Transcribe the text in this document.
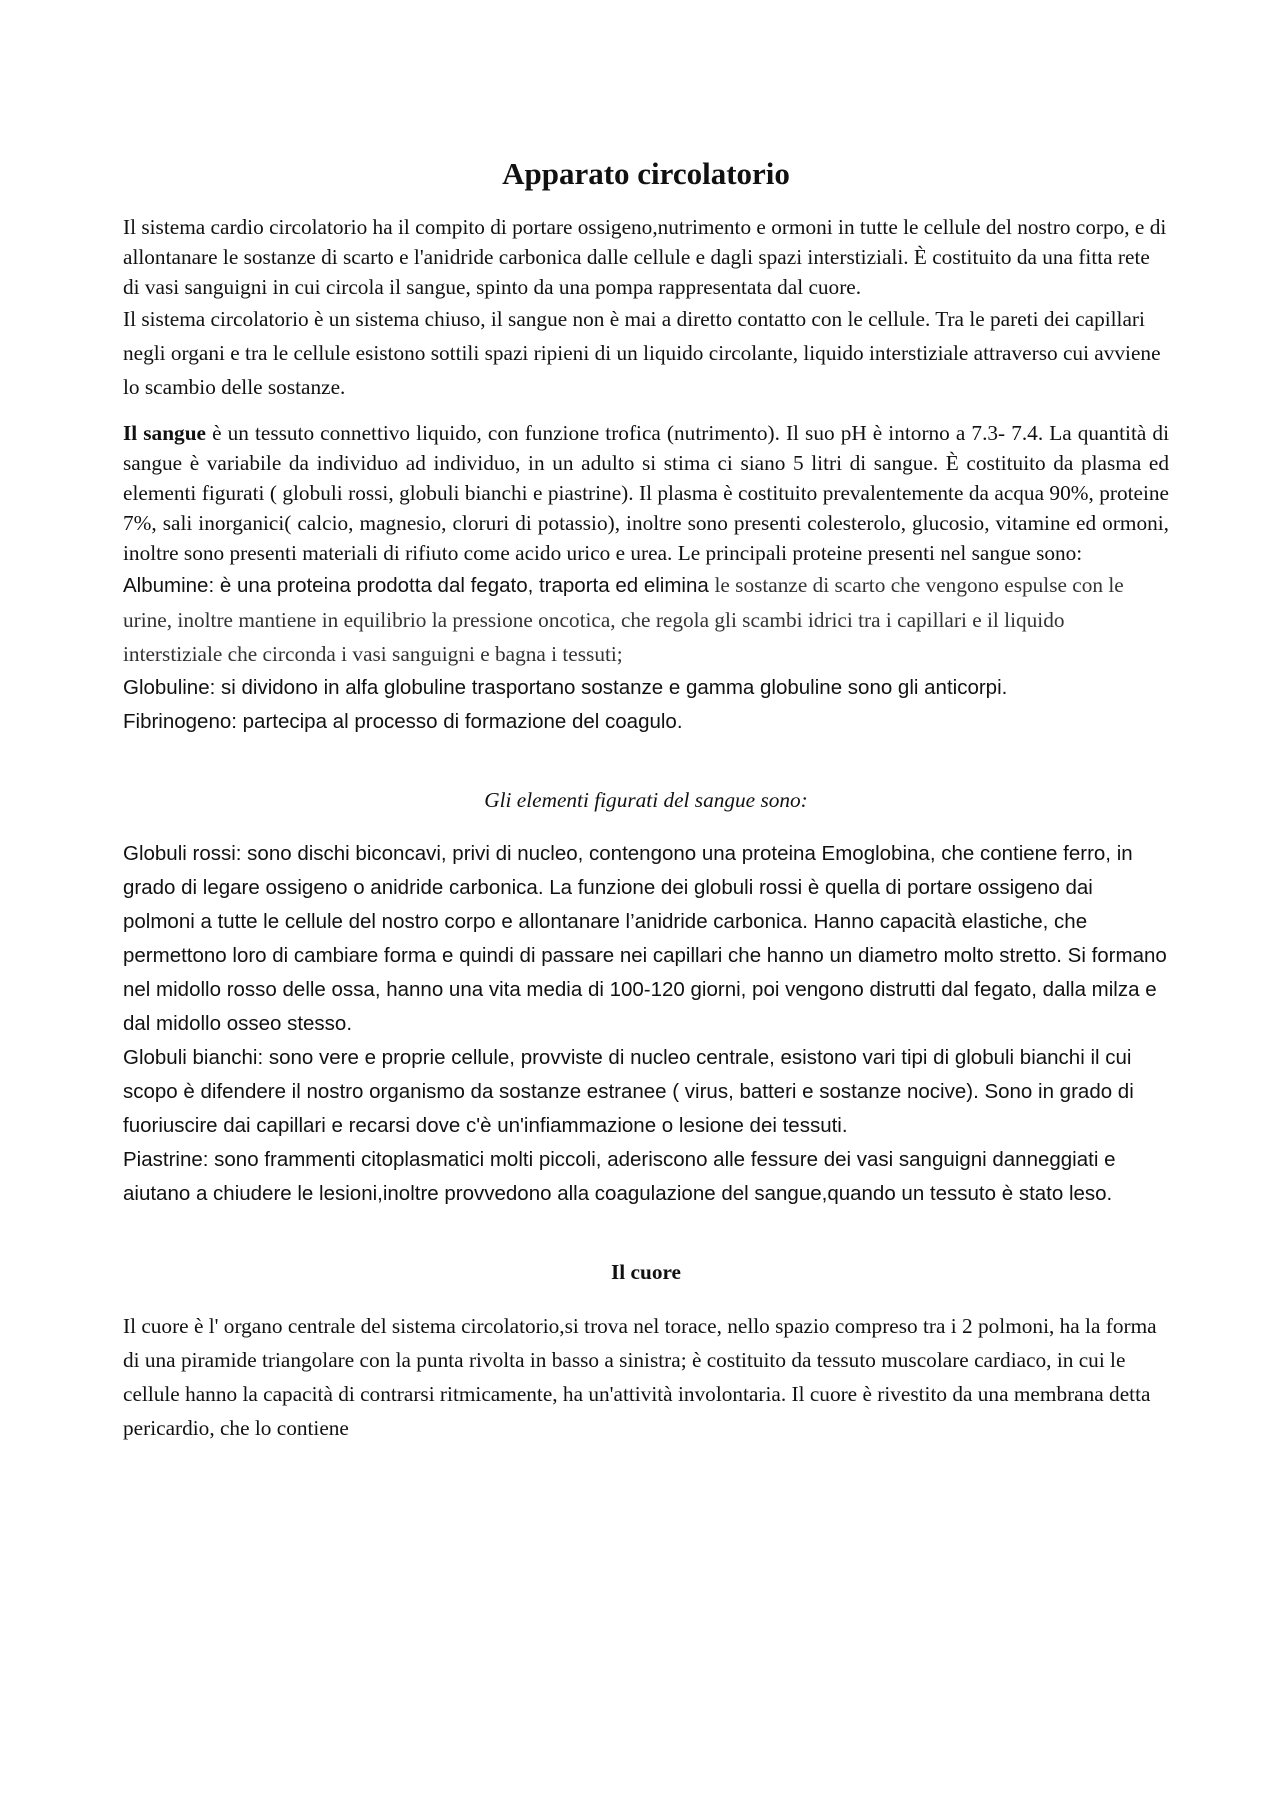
Apparato circolatorio

Il sistema cardio circolatorio ha il compito di portare ossigeno,nutrimento e ormoni in tutte le cellule del nostro corpo, e di allontanare le sostanze di scarto e l'anidride carbonica dalle cellule e dagli spazi interstiziali. È costituito da una fitta rete di vasi sanguigni in cui circola il sangue, spinto da una pompa rappresentata dal cuore.

Il sistema circolatorio è un sistema chiuso, il sangue non è mai a diretto contatto con le cellule. Tra le pareti dei capillari negli organi e tra le cellule esistono sottili spazi ripieni di un liquido circolante, liquido interstiziale attraverso cui avviene lo scambio delle sostanze.

Il sangue è un tessuto connettivo liquido, con funzione trofica (nutrimento). Il suo pH è intorno a 7.3- 7.4. La quantità di sangue è variabile da individuo ad individuo, in un adulto si stima ci siano 5 litri di sangue. È costituito da plasma ed elementi figurati ( globuli rossi, globuli bianchi e piastrine). Il plasma è costituito prevalentemente da acqua 90%, proteine 7%, sali inorganici( calcio, magnesio, cloruri di potassio), inoltre sono presenti colesterolo, glucosio, vitamine ed ormoni, inoltre sono presenti materiali di rifiuto come acido urico e urea. Le principali proteine presenti nel sangue sono:

Albumine: è una proteina prodotta dal fegato, traporta ed elimina le sostanze di scarto che vengono espulse con le urine, inoltre mantiene in equilibrio la pressione oncotica, che regola gli scambi idrici tra i capillari e il liquido interstiziale che circonda i vasi sanguigni e bagna i tessuti;

Globuline: si dividono in alfa globuline trasportano sostanze e gamma globuline sono gli anticorpi.

Fibrinogeno: partecipa al processo di formazione del coagulo.

Gli elementi figurati del sangue sono:

Globuli rossi: sono dischi biconcavi, privi di nucleo, contengono una proteina Emoglobina, che contiene ferro, in grado di legare ossigeno o anidride carbonica. La funzione dei globuli rossi è quella di portare ossigeno dai polmoni a tutte le cellule del nostro corpo e allontanare l’anidride carbonica. Hanno capacità elastiche, che permettono loro di cambiare forma e quindi di passare nei capillari che hanno un diametro molto stretto. Si formano nel midollo rosso delle ossa, hanno una vita media di 100-120 giorni, poi vengono distrutti dal fegato, dalla milza e dal midollo osseo stesso.

Globuli bianchi: sono vere e proprie cellule, provviste di nucleo centrale, esistono vari tipi di globuli bianchi il cui scopo è difendere il nostro organismo da sostanze estranee ( virus, batteri e sostanze nocive). Sono in grado di fuoriuscire dai capillari e recarsi dove c'è un'infiammazione o lesione dei tessuti.

Piastrine: sono frammenti citoplasmatici molti piccoli, aderiscono alle fessure dei vasi sanguigni danneggiati e aiutano a chiudere le lesioni,inoltre provvedono alla coagulazione del sangue,quando un tessuto è stato leso.

Il cuore

Il cuore è l' organo centrale del sistema circolatorio,si trova nel torace, nello spazio compreso tra i 2 polmoni, ha la forma di una piramide triangolare con la punta rivolta in basso a sinistra; è costituito da tessuto muscolare cardiaco, in cui le cellule hanno la capacità di contrarsi ritmicamente, ha un'attività involontaria. Il cuore è rivestito da una membrana detta pericardio, che lo contiene
